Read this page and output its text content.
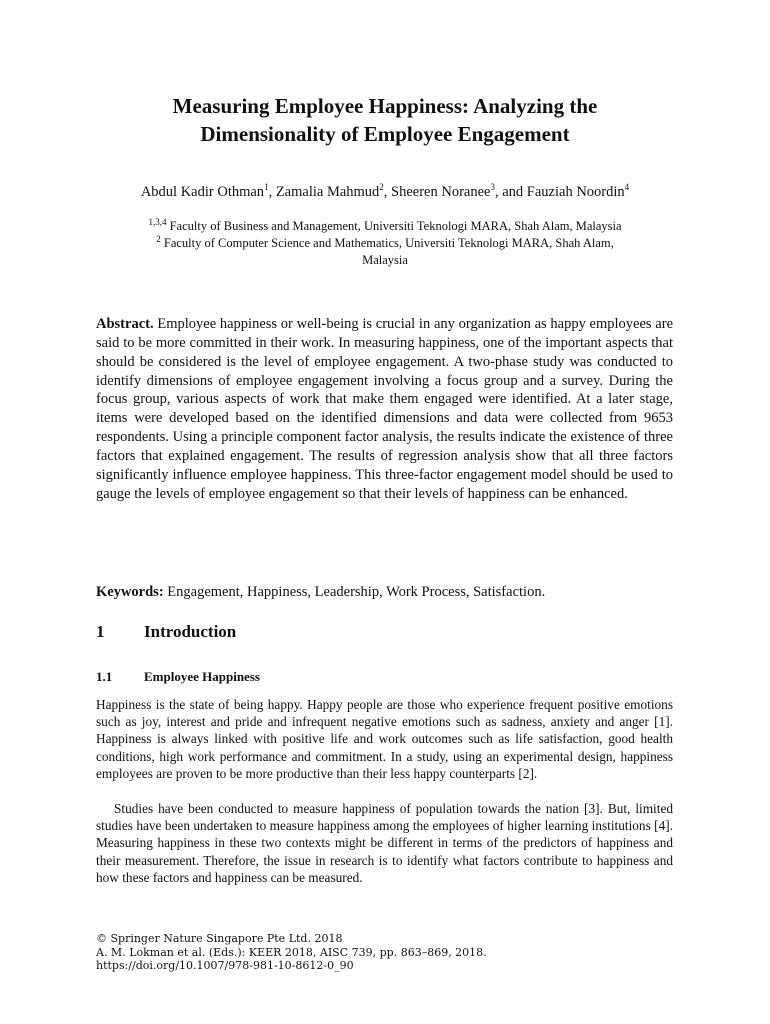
Measuring Employee Happiness: Analyzing the
Dimensionality of Employee Engagement
Abdul Kadir Othman$^1$, Zamalia Mahmud$^2$, Sheeren Noranee$^3$, and Fauziah Noordin$^4$
$^{1,3,4}$ Faculty of Business and Management, Universiti Teknologi MARA, Shah Alam, Malaysia
$^2$ Faculty of Computer Science and Mathematics, Universiti Teknologi MARA, Shah Alam,
Malaysia
Abstract. Employee happiness or well-being is crucial in any organization as happy employees are said to be more committed in their work. In measuring happiness, one of the important aspects that should be considered is the level of employee engagement. A two-phase study was conducted to identify dimensions of employee engagement involving a focus group and a survey. During the focus group, various aspects of work that make them engaged were identified. At a later stage, items were developed based on the identified dimensions and data were collected from 9653 respondents. Using a principle component factor analysis, the results indicate the existence of three factors that explained engagement. The results of regression analysis show that all three factors significantly influence employee happiness. This three-factor engagement model should be used to gauge the levels of employee engagement so that their levels of happiness can be enhanced.
Keywords: Engagement, Happiness, Leadership, Work Process, Satisfaction.
1 Introduction
1.1 Employee Happiness
Happiness is the state of being happy. Happy people are those who experience frequent positive emotions such as joy, interest and pride and infrequent negative emotions such as sadness, anxiety and anger [1]. Happiness is always linked with positive life and work outcomes such as life satisfaction, good health conditions, high work performance and commitment. In a study, using an experimental design, happiness employees are proven to be more productive than their less happy counterparts [2].
Studies have been conducted to measure happiness of population towards the nation [3]. But, limited studies have been undertaken to measure happiness among the employees of higher learning institutions [4]. Measuring happiness in these two contexts might be different in terms of the predictors of happiness and their measurement. Therefore, the issue in research is to identify what factors contribute to happiness and how these factors and happiness can be measured.
© Springer Nature Singapore Pte Ltd. 2018
A. M. Lokman et al. (Eds.): KEER 2018, AISC 739, pp. 863–869, 2018.
https://doi.org/10.1007/978-981-10-8612-0_90
